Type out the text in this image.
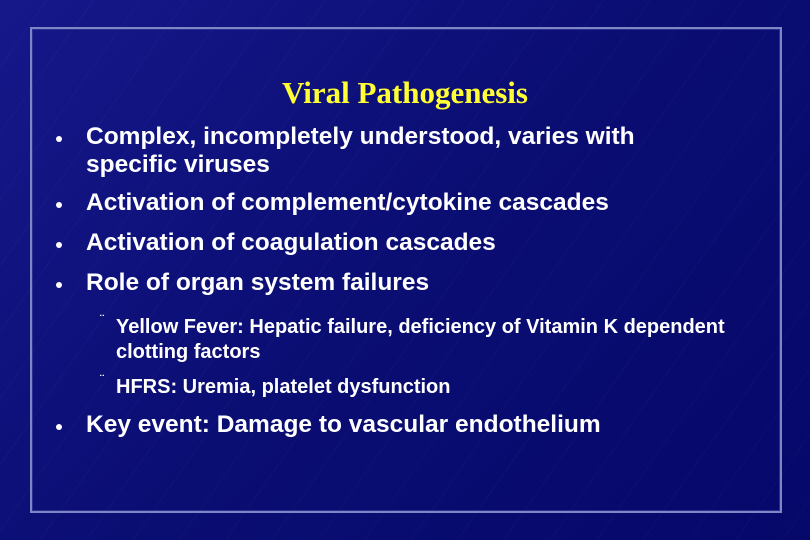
Viral Pathogenesis
Complex, incompletely understood, varies with specific viruses
Activation of complement/cytokine cascades
Activation of coagulation cascades
Role of organ system failures
¨ Yellow Fever: Hepatic failure, deficiency of Vitamin K dependent clotting factors
¨ HFRS: Uremia, platelet dysfunction
Key event: Damage to vascular endothelium
